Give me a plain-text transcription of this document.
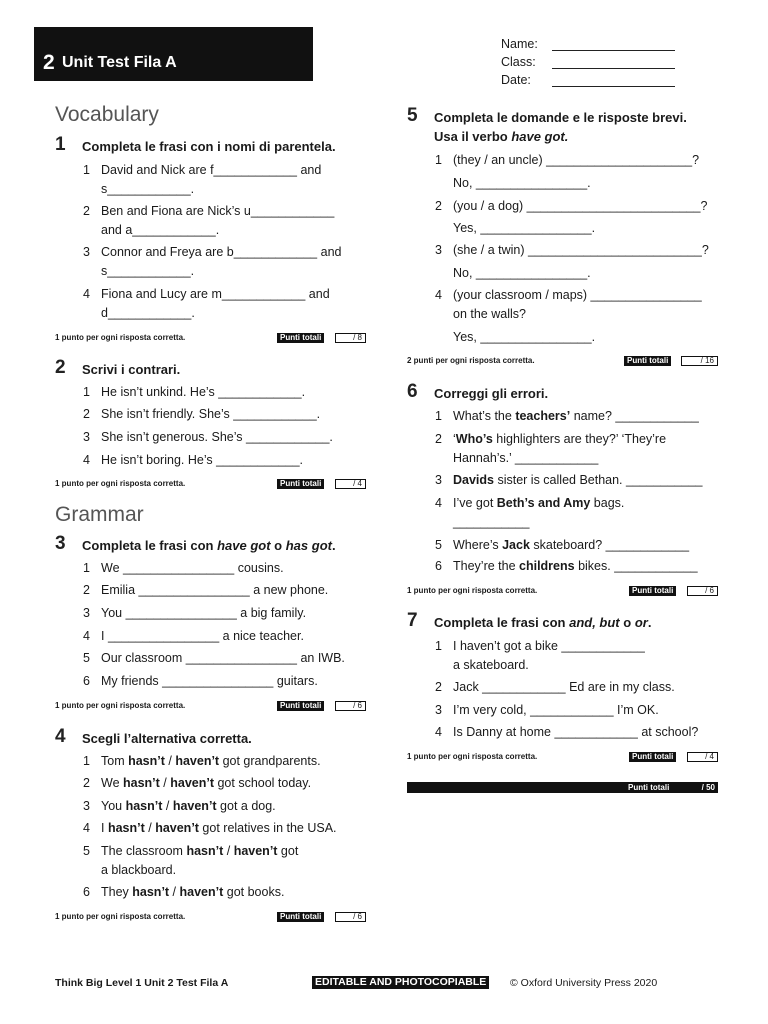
2 Unit Test Fila A
Name:
Class:
Date:
Vocabulary
1 Completa le frasi con i nomi di parentela.
1 David and Nick are f____________ and
s____________.
2 Ben and Fiona are Nick’s u____________
and a____________.
3 Connor and Freya are b____________ and
s____________.
4 Fiona and Lucy are m____________ and
d____________.
1 punto per ogni risposta corretta.	Punti totali	/ 8
2 Scrivi i contrari.
1 He isn’t unkind. He’s ____________.
2 She isn’t friendly. She’s ____________.
3 She isn’t generous. She’s ____________.
4 He isn’t boring. He’s ____________.
1 punto per ogni risposta corretta.	Punti totali	/ 4
Grammar
3 Completa le frasi con have got o has got.
1 We ________________ cousins.
2 Emilia ________________ a new phone.
3 You ________________ a big family.
4 I ________________ a nice teacher.
5 Our classroom ________________ an IWB.
6 My friends ________________ guitars.
1 punto per ogni risposta corretta.	Punti totali	/ 6
4 Scegli l’alternativa corretta.
1 Tom hasn’t / haven’t got grandparents.
2 We hasn’t / haven’t got school today.
3 You hasn’t / haven’t got a dog.
4 I hasn’t / haven’t got relatives in the USA.
5 The classroom hasn’t / haven’t got
a blackboard.
6 They hasn’t / haven’t got books.
1 punto per ogni risposta corretta.	Punti totali	/ 6
5 Completa le domande e le risposte brevi.
Usa il verbo have got.
1 (they / an uncle) _____________________?
No, ________________.
2 (you / a dog) _________________________?
Yes, ________________.
3 (she / a twin) _________________________?
No, ________________.
4 (your classroom / maps) ________________
on the walls?
Yes, ________________.
2 punti per ogni risposta corretta.	Punti totali	/ 16
6 Correggi gli errori.
1 What’s the teachers’ name? ____________
2 ‘Who’s highlighters are they?’ ‘They’re
Hannah’s.’ ____________
3 Davids sister is called Bethan. ___________
4 I’ve got Beth’s and Amy bags.
___________
5 Where’s Jack skateboard? ____________
6 They’re the childrens bikes. ____________
1 punto per ogni risposta corretta.	Punti totali	/ 6
7 Completa le frasi con and, but o or.
1 I haven’t got a bike ____________
a skateboard.
2 Jack ____________ Ed are in my class.
3 I’m very cold, ____________ I’m OK.
4 Is Danny at home ____________ at school?
1 punto per ogni risposta corretta.	Punti totali	/ 4
Punti totali	/ 50
Think Big Level 1 Unit 2 Test Fila A	EDITABLE AND PHOTOCOPIABLE © Oxford University Press 2020
